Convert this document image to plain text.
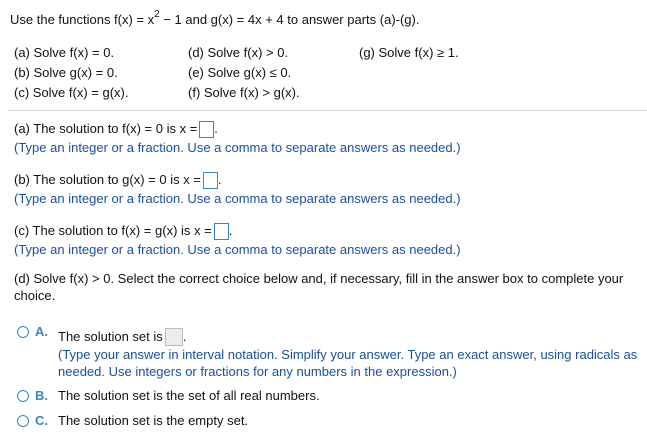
Use the functions $f(x) = x^2 - 1$ and g(x) = 4x + 4 to answer parts (a)-(g).
(a) Solve f(x) = 0.
(b) Solve g(x) = 0.
(c) Solve f(x) = g(x).
(d) Solve f(x) > 0.
(e) Solve g(x) ≤ 0.
(f) Solve f(x) > g(x).
(g) Solve f(x) ≥ 1.
(a) The solution to f(x) = 0 is x = .
(Type an integer or a fraction. Use a comma to separate answers as needed.)
(b) The solution to g(x) = 0 is x = .
(Type an integer or a fraction. Use a comma to separate answers as needed.)
(c) The solution to f(x) = g(x) is x = .
(Type an integer or a fraction. Use a comma to separate answers as needed.)
(d) Solve f(x) > 0. Select the correct choice below and, if necessary, fill in the answer box to complete your
choice.
A. The solution set is .
(Type your answer in interval notation. Simplify your answer. Type an exact answer, using radicals as
needed. Use integers or fractions for any numbers in the expression.)
B. The solution set is the set of all real numbers.
C. The solution set is the empty set.
